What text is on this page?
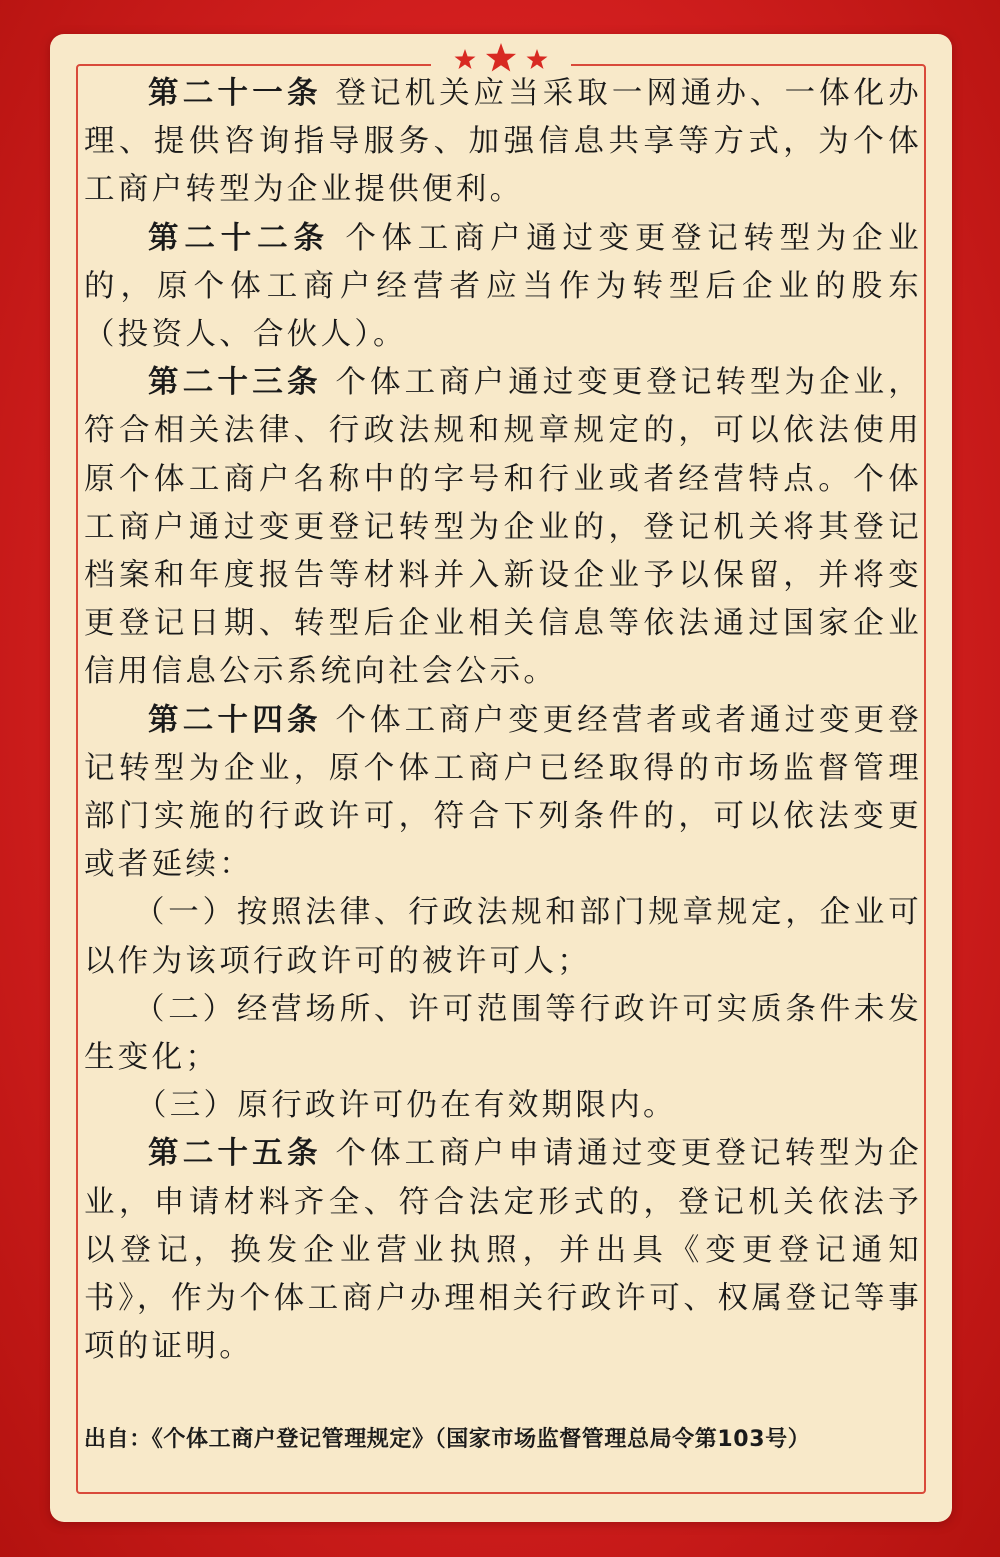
第二十一条 登记机关应当采取一网通办、一体化办理、提供咨询指导服务、加强信息共享等方式，为个体工商户转型为企业提供便利。

第二十二条 个体工商户通过变更登记转型为企业的，原个体工商户经营者应当作为转型后企业的股东（投资人、合伙人）。

第二十三条 个体工商户通过变更登记转型为企业，符合相关法律、行政法规和规章规定的，可以依法使用原个体工商户名称中的字号和行业或者经营特点。个体工商户通过变更登记转型为企业的，登记机关将其登记档案和年度报告等材料并入新设企业予以保留，并将变更登记日期、转型后企业相关信息等依法通过国家企业信用信息公示系统向社会公示。

第二十四条 个体工商户变更经营者或者通过变更登记转型为企业，原个体工商户已经取得的市场监督管理部门实施的行政许可，符合下列条件的，可以依法变更或者延续：

（一）按照法律、行政法规和部门规章规定，企业可以作为该项行政许可的被许可人；

（二）经营场所、许可范围等行政许可实质条件未发生变化；

（三）原行政许可仍在有效期限内。

第二十五条 个体工商户申请通过变更登记转型为企业，申请材料齐全、符合法定形式的，登记机关依法予以登记，换发企业营业执照，并出具《变更登记通知书》，作为个体工商户办理相关行政许可、权属登记等事项的证明。

出自：《个体工商户登记管理规定》（国家市场监督管理总局令第103号）
